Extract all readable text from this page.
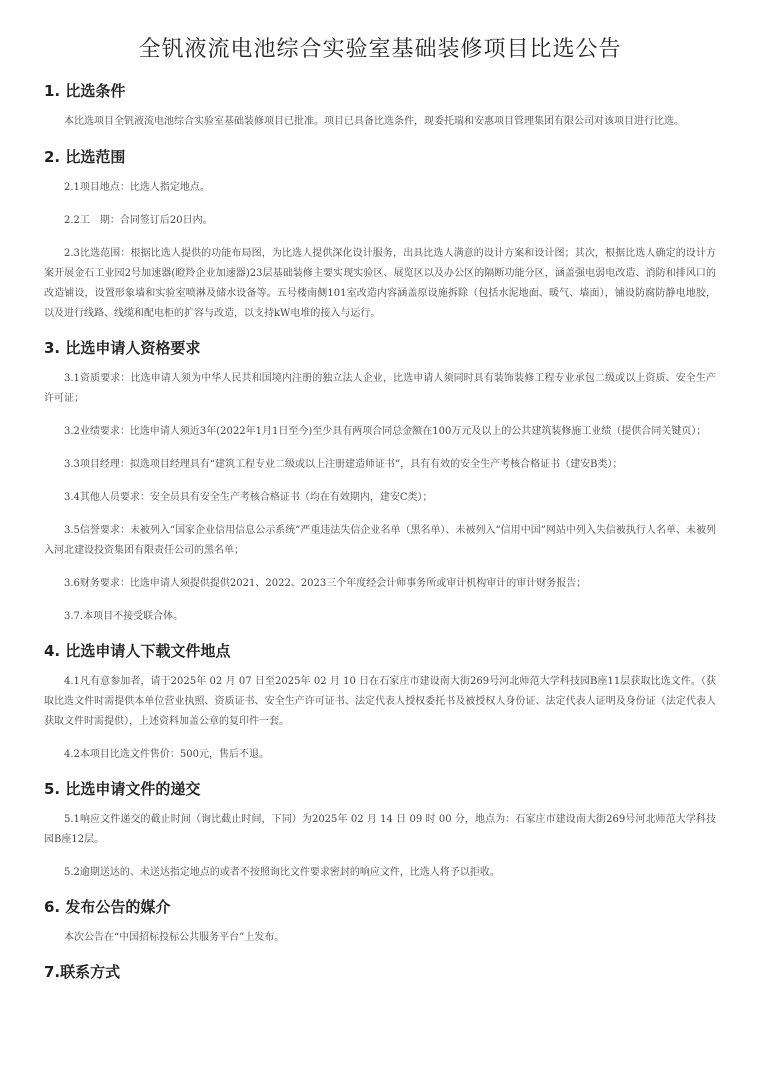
全钒液流电池综合实验室基础装修项目比选公告
1. 比选条件

本比选项目全钒液流电池综合实验室基础装修项目已批准。项目已具备比选条件，现委托瑞和安惠项目管理集团有限公司对该项目进行比选。

2. 比选范围

2.1项目地点：比选人指定地点。

2.2工　期：合同签订后20日内。

2.3比选范围：根据比选人提供的功能布局图，为比选人提供深化设计服务，出具比选人满意的设计方案和设计图；其次，根据比选人确定的设计方案开展金石工业园2号加速器(瞪羚企业加速器)23层基础装修主要实现实验区、展览区以及办公区的隔断功能分区，涵盖强电弱电改造、消防和排风口的改造铺设，设置形象墙和实验室喷淋及储水设备等。五号楼南侧101室改造内容涵盖原设施拆除（包括水泥地面、暖气、墙面），铺设防腐防静电地胶，以及进行线路、线缆和配电柜的扩容与改造，以支持kW电堆的接入与运行。

3. 比选申请人资格要求

3.1资质要求：比选申请人须为中华人民共和国境内注册的独立法人企业，比选申请人须同时具有装饰装修工程专业承包二级或以上资质、安全生产许可证；

3.2业绩要求：比选申请人须近3年(2022年1月1日至今)至少具有两项合同总金额在100万元及以上的公共建筑装修施工业绩（提供合同关键页）；

3.3项目经理：拟选项目经理具有“建筑工程专业二级或以上注册建造师证书”，具有有效的安全生产考核合格证书（建安B类）；

3.4其他人员要求：安全员具有安全生产考核合格证书（均在有效期内，建安C类）；

3.5信誉要求：未被列入“国家企业信用信息公示系统”严重违法失信企业名单（黑名单）、未被列入“信用中国”网站中列入失信被执行人名单、未被列入河北建设投资集团有限责任公司的黑名单；

3.6财务要求：比选申请人须提供提供2021、2022、2023三个年度经会计师事务所或审计机构审计的审计财务报告；

3.7.本项目不接受联合体。

4. 比选申请人下载文件地点

4.1凡有意参加者，请于2025年 02 月 07 日至2025年 02 月 10 日在石家庄市建设南大街269号河北师范大学科技园B座11层获取比选文件。（获取比选文件时需提供本单位营业执照、资质证书、安全生产许可证书、法定代表人授权委托书及被授权人身份证、法定代表人证明及身份证（法定代表人获取文件时需提供），上述资料加盖公章的复印件一套。

4.2本项目比选文件售价：500元，售后不退。

5. 比选申请文件的递交

5.1响应文件递交的截止时间（询比截止时间，下同）为2025年 02 月 14 日 09 时 00 分，地点为：石家庄市建设南大街269号河北师范大学科技园B座12层。

5.2逾期送达的、未送达指定地点的或者不按照询比文件要求密封的响应文件，比选人将予以拒收。

6. 发布公告的媒介

本次公告在“中国招标投标公共服务平台”上发布。

7.联系方式
